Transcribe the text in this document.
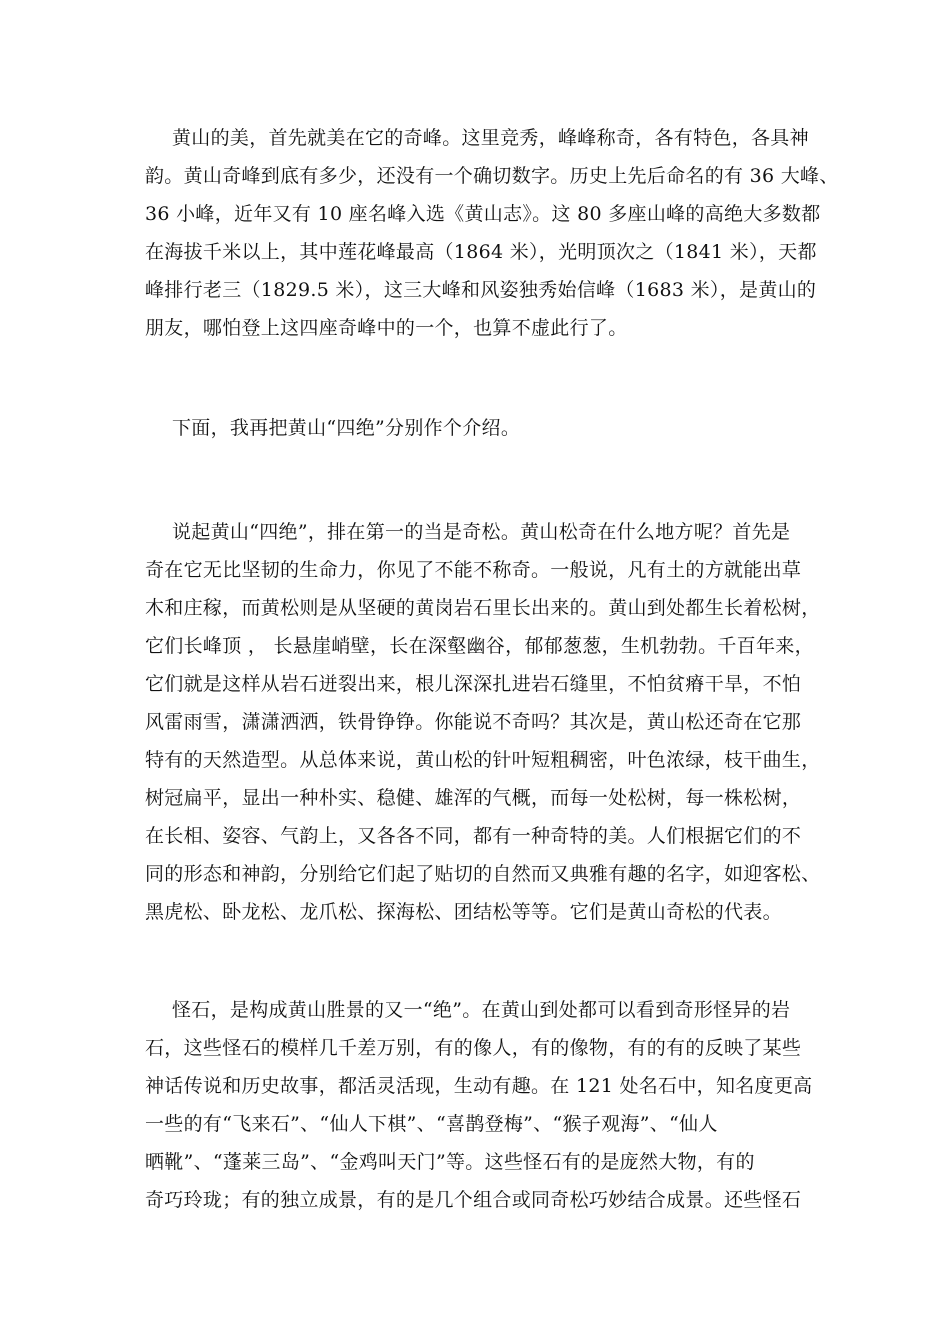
黄山的美，首先就美在它的奇峰。这里竞秀，峰峰称奇，各有特色，各具神
韵。黄山奇峰到底有多少，还没有一个确切数字。历史上先后命名的有 36 大峰、
36 小峰，近年又有 10 座名峰入选《黄山志》。这 80 多座山峰的高绝大多数都
在海拔千米以上，其中莲花峰最高（1864 米），光明顶次之（1841 米），天都
峰排行老三（1829.5 米），这三大峰和风姿独秀始信峰（1683 米），是黄山的
朋友，哪怕登上这四座奇峰中的一个，也算不虚此行了。
下面，我再把黄山“四绝”分别作个介绍。
说起黄山“四绝”，排在第一的当是奇松。黄山松奇在什么地方呢？首先是
奇在它无比坚韧的生命力，你见了不能不称奇。一般说，凡有土的方就能出草
木和庄稼，而黄松则是从坚硬的黄岗岩石里长出来的。黄山到处都生长着松树，
它们长峰顶 ， 长悬崖峭壁，长在深壑幽谷，郁郁葱葱，生机勃勃。千百年来，
它们就是这样从岩石迸裂出来，根儿深深扎进岩石缝里，不怕贫瘠干旱，不怕
风雷雨雪，潇潇洒洒，铁骨铮铮。你能说不奇吗？其次是，黄山松还奇在它那
特有的天然造型。从总体来说，黄山松的针叶短粗稠密，叶色浓绿，枝干曲生，
树冠扁平，显出一种朴实、稳健、雄浑的气概，而每一处松树，每一株松树，
在长相、姿容、气韵上，又各各不同，都有一种奇特的美。人们根据它们的不
同的形态和神韵，分别给它们起了贴切的自然而又典雅有趣的名字，如迎客松、
黑虎松、卧龙松、龙爪松、探海松、团结松等等。它们是黄山奇松的代表。
怪石，是构成黄山胜景的又一“绝”。在黄山到处都可以看到奇形怪异的岩
石，这些怪石的模样几千差万别，有的像人，有的像物，有的有的反映了某些
神话传说和历史故事，都活灵活现，生动有趣。在 121 处名石中，知名度更高
一些的有“飞来石”、“仙人下棋”、“喜鹊登梅”、“猴子观海”、“仙人
晒靴”、“蓬莱三岛”、“金鸡叫天门”等。这些怪石有的是庞然大物，有的
奇巧玲珑；有的独立成景，有的是几个组合或同奇松巧妙结合成景。还些怪石
